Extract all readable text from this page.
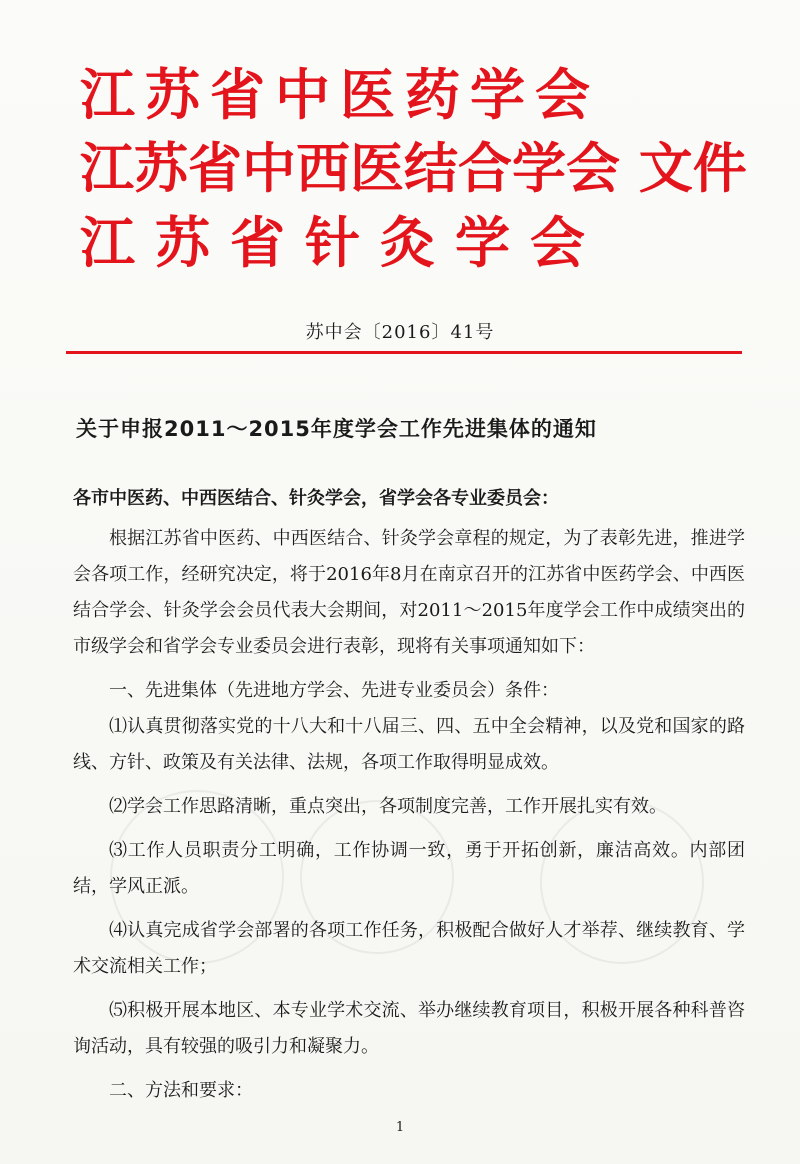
江苏省中医药学会
江苏省中西医结合学会 文件
江苏省针灸学会
苏中会〔2016〕41号
关于申报2011～2015年度学会工作先进集体的通知
各市中医药、中西医结合、针灸学会，省学会各专业委员会：

根据江苏省中医药、中西医结合、针灸学会章程的规定，为了表彰先进，推进学会各项工作，经研究决定，将于2016年8月在南京召开的江苏省中医药学会、中西医结合学会、针灸学会会员代表大会期间，对2011～2015年度学会工作中成绩突出的市级学会和省学会专业委员会进行表彰，现将有关事项通知如下：

一、先进集体（先进地方学会、先进专业委员会）条件：

⑴认真贯彻落实党的十八大和十八届三、四、五中全会精神，以及党和国家的路线、方针、政策及有关法律、法规，各项工作取得明显成效。

⑵学会工作思路清晰，重点突出，各项制度完善，工作开展扎实有效。

⑶工作人员职责分工明确，工作协调一致，勇于开拓创新，廉洁高效。内部团结，学风正派。

⑷认真完成省学会部署的各项工作任务，积极配合做好人才举荐、继续教育、学术交流相关工作；

⑸积极开展本地区、本专业学术交流、举办继续教育项目，积极开展各种科普咨询活动，具有较强的吸引力和凝聚力。

二、方法和要求：

1
